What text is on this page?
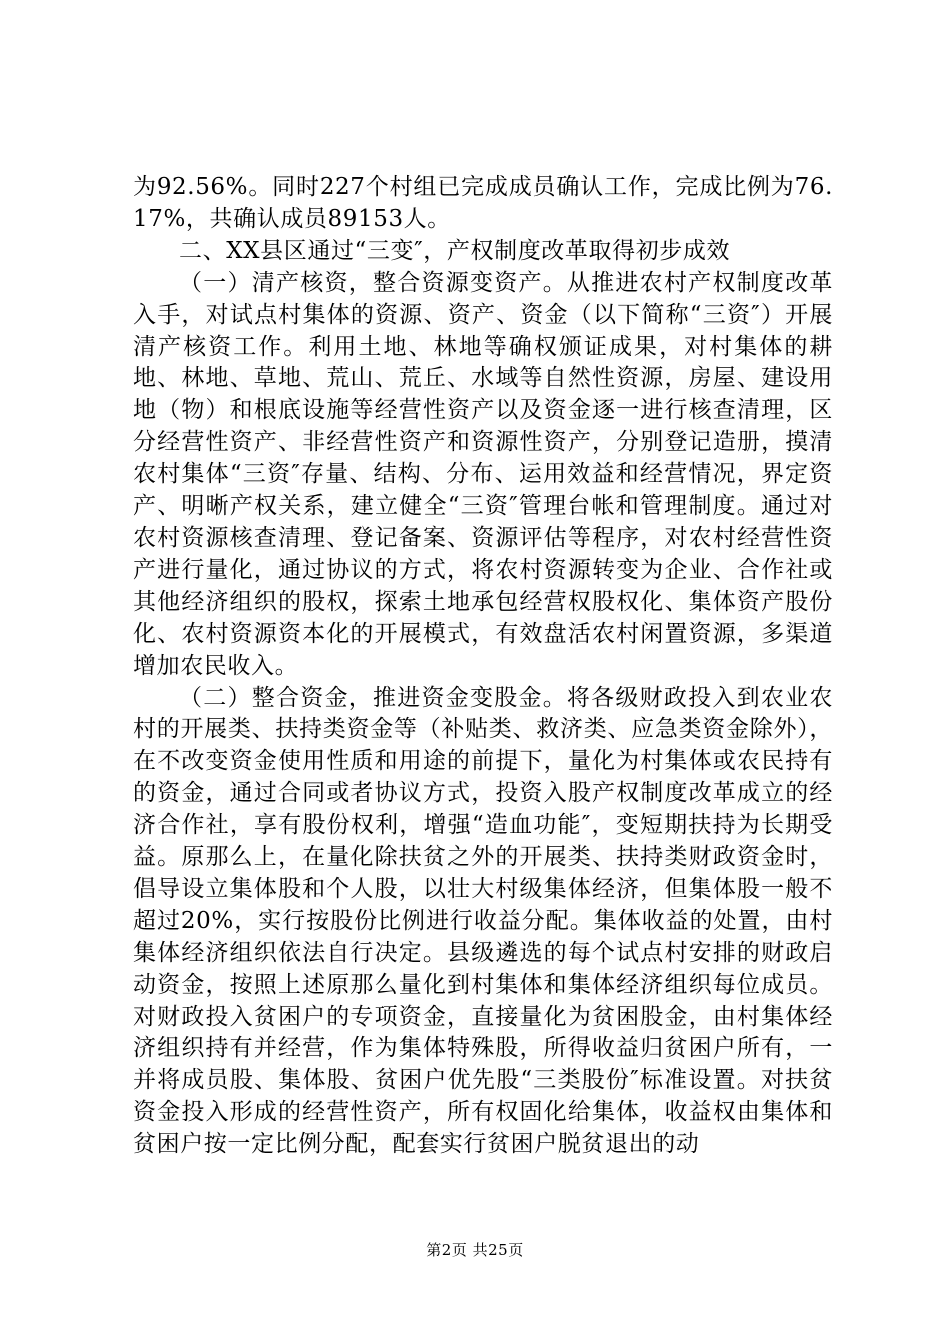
为92.56%。同时227个村组已完成成员确认工作，完成比例为76.17%，共确认成员89153人。

二、XX县区通过“三变″，产权制度改革取得初步成效

（一）清产核资，整合资源变资产。从推进农村产权制度改革入手，对试点村集体的资源、资产、资金（以下简称“三资″）开展清产核资工作。利用土地、林地等确权颁证成果，对村集体的耕地、林地、草地、荒山、荒丘、水域等自然性资源，房屋、建设用地（物）和根底设施等经营性资产以及资金逐一进行核查清理，区分经营性资产、非经营性资产和资源性资产，分别登记造册，摸清农村集体“三资″存量、结构、分布、运用效益和经营情况，界定资产、明晰产权关系，建立健全“三资″管理台帐和管理制度。通过对农村资源核查清理、登记备案、资源评估等程序，对农村经营性资产进行量化，通过协议的方式，将农村资源转变为企业、合作社或其他经济组织的股权，探索土地承包经营权股权化、集体资产股份化、农村资源资本化的开展模式，有效盘活农村闲置资源，多渠道增加农民收入。

（二）整合资金，推进资金变股金。将各级财政投入到农业农村的开展类、扶持类资金等（补贴类、救济类、应急类资金除外），在不改变资金使用性质和用途的前提下，量化为村集体或农民持有的资金，通过合同或者协议方式，投资入股产权制度改革成立的经济合作社，享有股份权利，增强“造血功能″，变短期扶持为长期受益。原那么上，在量化除扶贫之外的开展类、扶持类财政资金时，倡导设立集体股和个人股，以壮大村级集体经济，但集体股一般不超过20%，实行按股份比例进行收益分配。集体收益的处置，由村集体经济组织依法自行决定。县级遴选的每个试点村安排的财政启动资金，按照上述原那么量化到村集体和集体经济组织每位成员。对财政投入贫困户的专项资金，直接量化为贫困股金，由村集体经济组织持有并经营，作为集体特殊股，所得收益归贫困户所有，一并将成员股、集体股、贫困户优先股“三类股份″标准设置。对扶贫资金投入形成的经营性资产，所有权固化给集体，收益权由集体和贫困户按一定比例分配，配套实行贫困户脱贫退出的动

第2页 共25页
